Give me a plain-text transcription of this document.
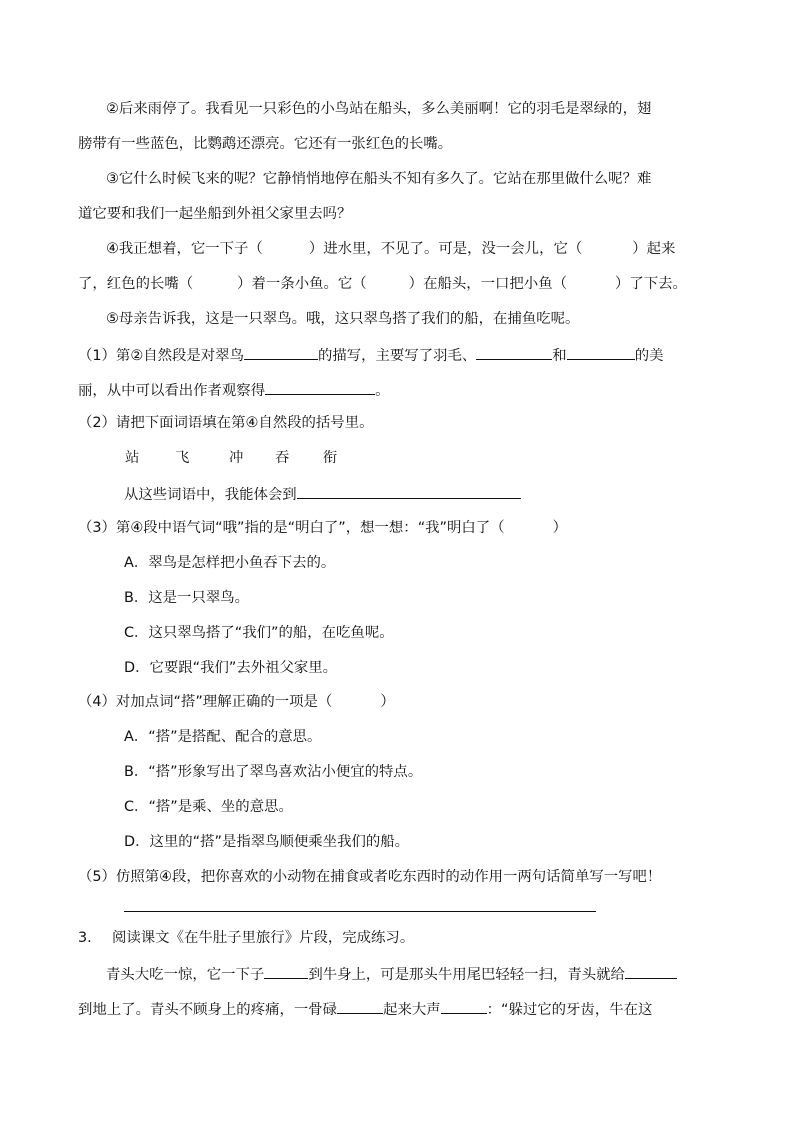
②后来雨停了。我看见一只彩色的小鸟站在船头，多么美丽啊！它的羽毛是翠绿的，翅
膀带有一些蓝色，比鹦鹉还漂亮。它还有一张红色的长嘴。
③它什么时候飞来的呢？它静悄悄地停在船头不知有多久了。它站在那里做什么呢？难
道它要和我们一起坐船到外祖父家里去吗？
④我正想着，它一下子（	）进水里，不见了。可是，没一会儿，它（	）起来
了，红色的长嘴（	）着一条小鱼。它（	）在船头，一口把小鱼（	）了下去。
⑤母亲告诉我，这是一只翠鸟。哦，这只翠鸟搭了我们的船，在捕鱼吃呢。
（1）第②自然段是对翠鸟	的描写，主要写了羽毛、	和	的美
丽，从中可以看出作者观察得	。
（2）请把下面词语填在第④自然段的括号里。
站 飞	冲 吞 衔
从这些词语中，我能体会到
（3）第④段中语气词“哦”指的是“明白了”，想一想：“我”明白了（	）
A．翠鸟是怎样把小鱼吞下去的。
B．这是一只翠鸟。
C．这只翠鸟搭了“我们”的船，在吃鱼呢。
D．它要跟“我们”去外祖父家里。
（4）对加点词“搭”理解正确的一项是（	）
A．“搭”是搭配、配合的意思。
B．“搭”形象写出了翠鸟喜欢沾小便宜的特点。
C．“搭”是乘、坐的意思。
D．这里的“搭”是指翠鸟顺便乘坐我们的船。
（5）仿照第④段，把你喜欢的小动物在捕食或者吃东西时的动作用一两句话简单写一写吧！
3. 阅读课文《在牛肚子里旅行》片段，完成练习。
青头大吃一惊，它一下子	到牛身上，可是那头牛用尾巴轻轻一扫，青头就给
到地上了。青头不顾身上的疼痛，一骨碌	起来大声	：“躲过它的牙齿，牛在这
